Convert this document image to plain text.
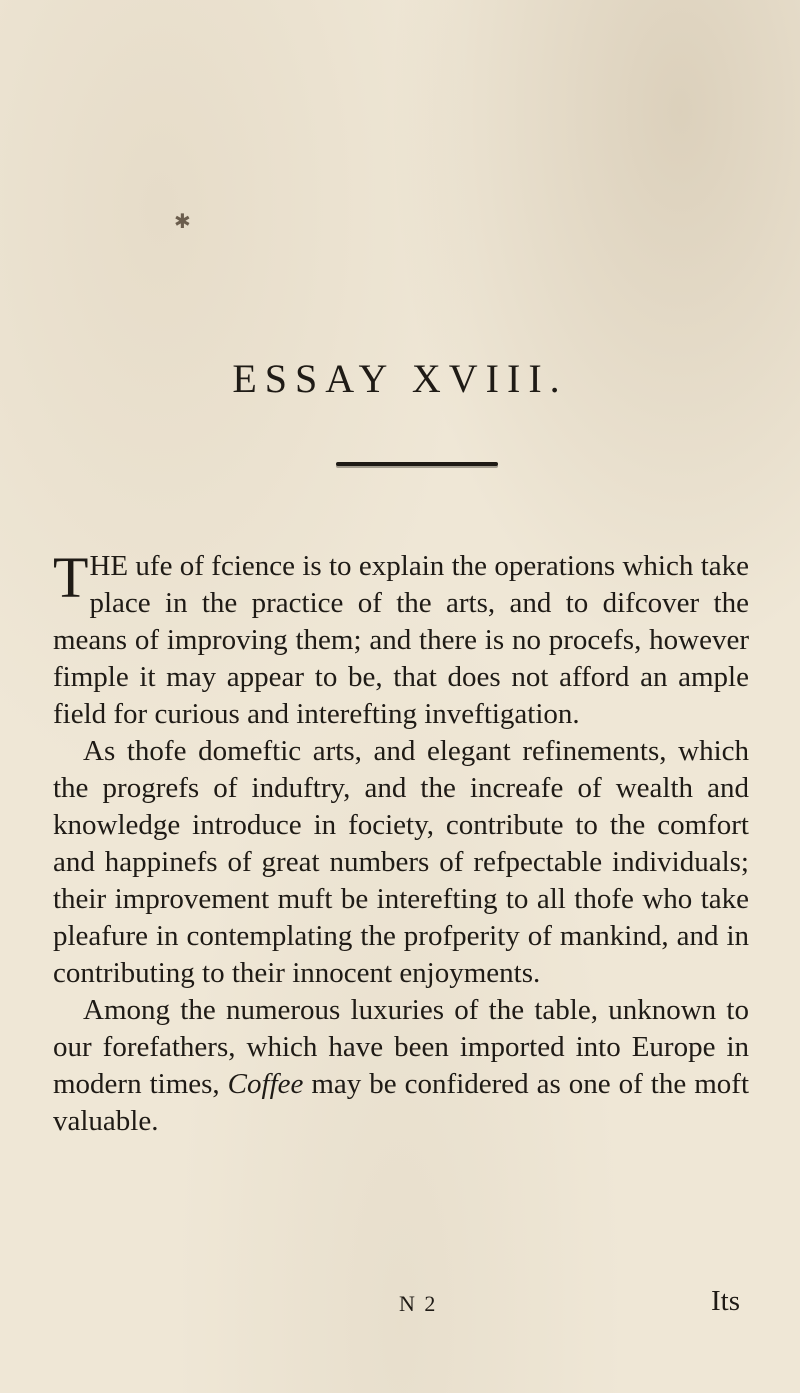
✱
ESSAY XVIII.

THE ufe of fcience is to explain the operations which take place in the practice of the arts, and to difcover the means of improving them; and there is no procefs, however fimple it may appear to be, that does not afford an ample field for curious and interefting inveftigation.

As thofe domeftic arts, and elegant refinements, which the progrefs of induftry, and the increafe of wealth and knowledge introduce in fociety, contribute to the comfort and happinefs of great numbers of refpectable individuals; their improvement muft be interefting to all thofe who take pleafure in contemplating the profperity of mankind, and in contributing to their innocent enjoyments.

Among the numerous luxuries of the table, unknown to our forefathers, which have been imported into Europe in modern times, Coffee may be confidered as one of the moft valuable.

N 2	Its
